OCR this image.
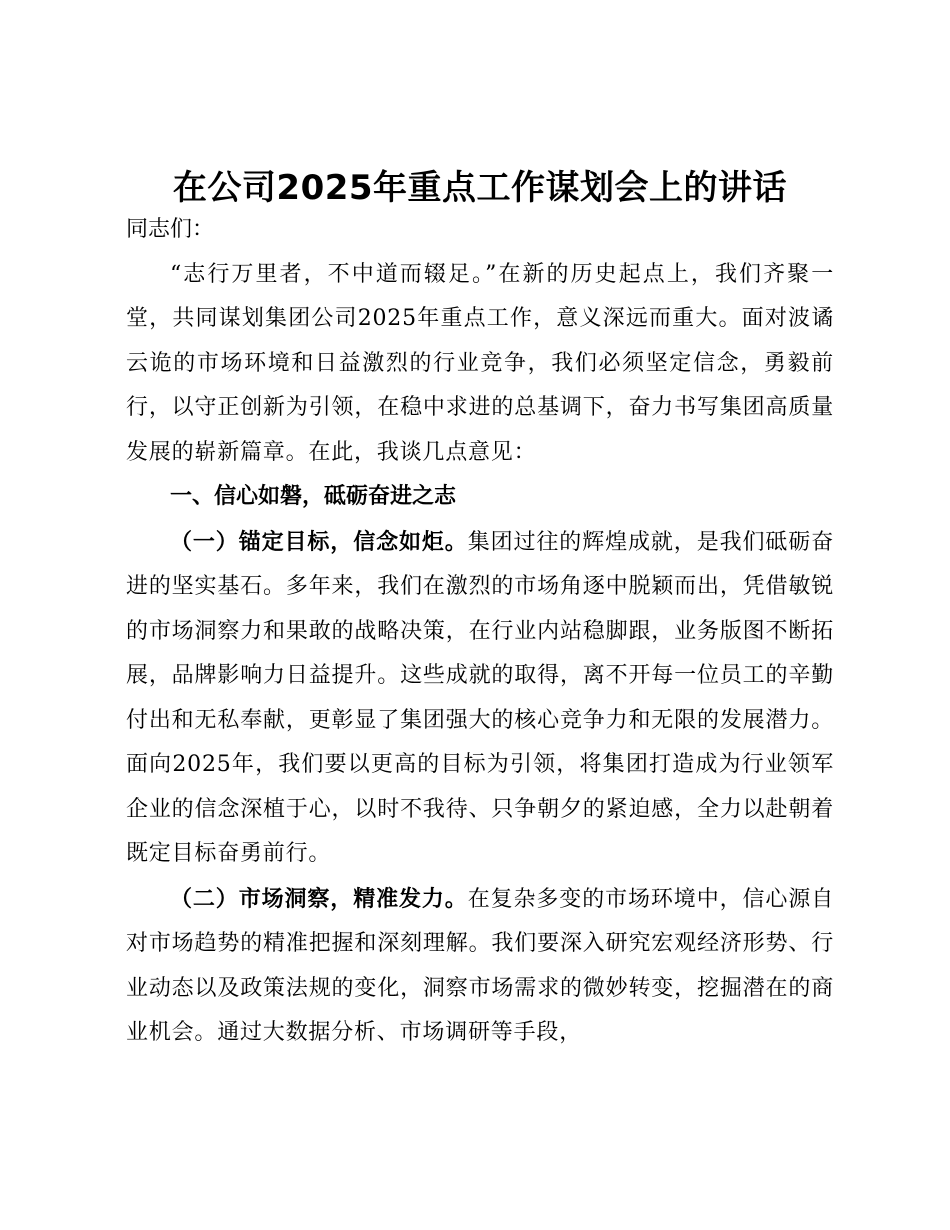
在公司2025年重点工作谋划会上的讲话

同志们：

“志行万里者，不中道而辍足。”在新的历史起点上，我们齐聚一堂，共同谋划集团公司2025年重点工作，意义深远而重大。面对波谲云诡的市场环境和日益激烈的行业竞争，我们必须坚定信念，勇毅前行，以守正创新为引领，在稳中求进的总基调下，奋力书写集团高质量发展的崭新篇章。在此，我谈几点意见：

一、信心如磐，砥砺奋进之志

（一）锚定目标，信念如炬。集团过往的辉煌成就，是我们砥砺奋进的坚实基石。多年来，我们在激烈的市场角逐中脱颖而出，凭借敏锐的市场洞察力和果敢的战略决策，在行业内站稳脚跟，业务版图不断拓展，品牌影响力日益提升。这些成就的取得，离不开每一位员工的辛勤付出和无私奉献，更彰显了集团强大的核心竞争力和无限的发展潜力。面向2025年，我们要以更高的目标为引领，将集团打造成为行业领军企业的信念深植于心，以时不我待、只争朝夕的紧迫感，全力以赴朝着既定目标奋勇前行。

（二）市场洞察，精准发力。在复杂多变的市场环境中，信心源自对市场趋势的精准把握和深刻理解。我们要深入研究宏观经济形势、行业动态以及政策法规的变化，洞察市场需求的微妙转变，挖掘潜在的商业机会。通过大数据分析、市场调研等手段，
